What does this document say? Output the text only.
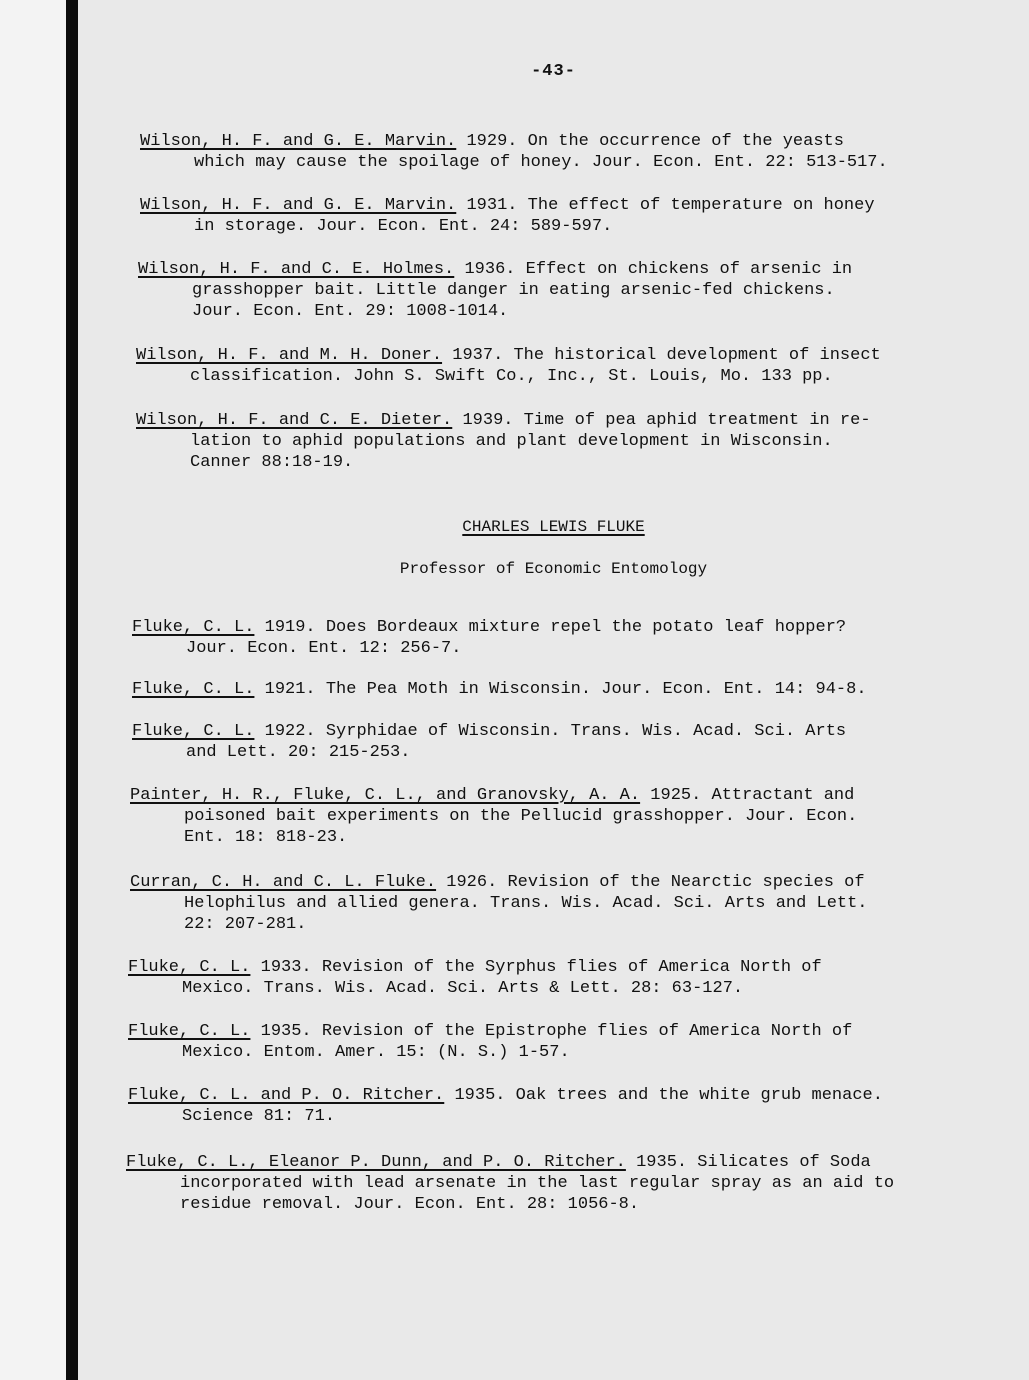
-43-
Wilson, H. F. and G. E. Marvin. 1929. On the occurrence of the yeasts
which may cause the spoilage of honey. Jour. Econ. Ent. 22: 513-517.
Wilson, H. F. and G. E. Marvin. 1931. The effect of temperature on honey
in storage. Jour. Econ. Ent. 24: 589-597.
Wilson, H. F. and C. E. Holmes. 1936. Effect on chickens of arsenic in
grasshopper bait. Little danger in eating arsenic-fed chickens.
Jour. Econ. Ent. 29: 1008-1014.
Wilson, H. F. and M. H. Doner. 1937. The historical development of insect
classification. John S. Swift Co., Inc., St. Louis, Mo. 133 pp.
Wilson, H. F. and C. E. Dieter. 1939. Time of pea aphid treatment in re-
lation to aphid populations and plant development in Wisconsin.
Canner 88:18-19.
CHARLES LEWIS FLUKE
Professor of Economic Entomology
Fluke, C. L. 1919. Does Bordeaux mixture repel the potato leaf hopper?
Jour. Econ. Ent. 12: 256-7.
Fluke, C. L. 1921. The Pea Moth in Wisconsin. Jour. Econ. Ent. 14: 94-8.
Fluke, C. L. 1922. Syrphidae of Wisconsin. Trans. Wis. Acad. Sci. Arts
and Lett. 20: 215-253.
Painter, H. R., Fluke, C. L., and Granovsky, A. A. 1925. Attractant and
poisoned bait experiments on the Pellucid grasshopper. Jour. Econ.
Ent. 18: 818-23.
Curran, C. H. and C. L. Fluke. 1926. Revision of the Nearctic species of
Helophilus and allied genera. Trans. Wis. Acad. Sci. Arts and Lett.
22: 207-281.
Fluke, C. L. 1933. Revision of the Syrphus flies of America North of
Mexico. Trans. Wis. Acad. Sci. Arts & Lett. 28: 63-127.
Fluke, C. L. 1935. Revision of the Epistrophe flies of America North of
Mexico. Entom. Amer. 15: (N. S.) 1-57.
Fluke, C. L. and P. O. Ritcher. 1935. Oak trees and the white grub menace.
Science 81: 71.
Fluke, C. L., Eleanor P. Dunn, and P. O. Ritcher. 1935. Silicates of Soda
incorporated with lead arsenate in the last regular spray as an aid to
residue removal. Jour. Econ. Ent. 28: 1056-8.
